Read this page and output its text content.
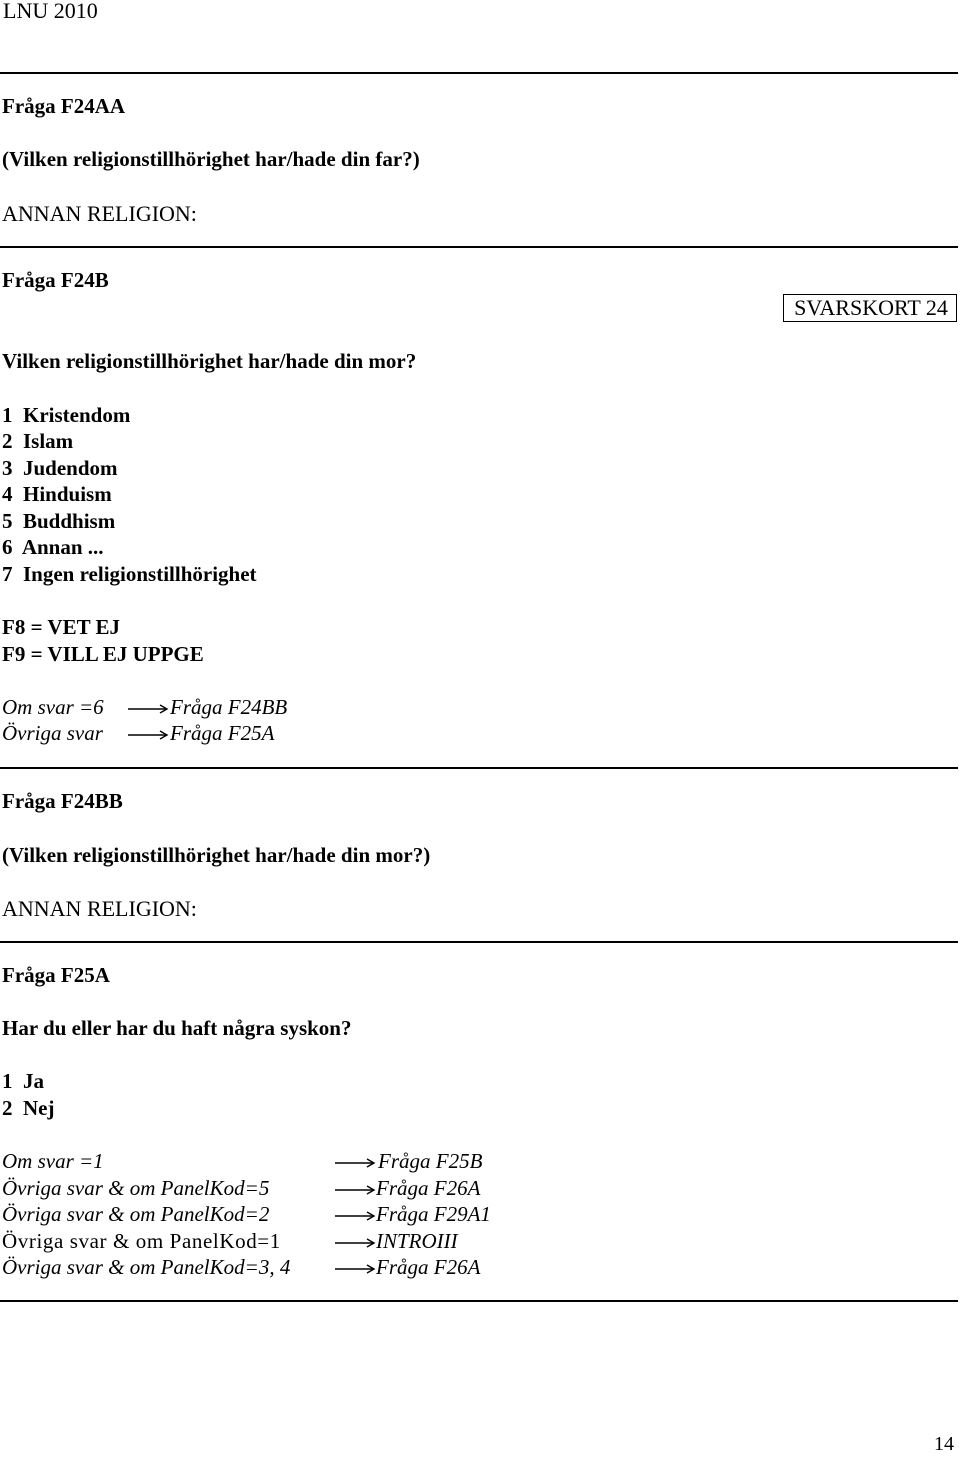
LNU 2010
Fråga F24AA
(Vilken religionstillhörighet har/hade din far?)
ANNAN RELIGION:
Fråga F24B
SVARSKORT 24
Vilken religionstillhörighet har/hade din mor?
1  Kristendom
2  Islam
3  Judendom
4  Hinduism
5  Buddhism
6  Annan ...
7  Ingen religionstillhörighet
F8 = VET EJ
F9 = VILL EJ UPPGE
Om svar =6	Fråga F24BB
Övriga svar	Fråga F25A
Fråga F24BB
(Vilken religionstillhörighet har/hade din mor?)
ANNAN RELIGION:
Fråga F25A
Har du eller har du haft några syskon?
1  Ja
2  Nej
Om svar =1	Fråga F25B
Övriga svar & om PanelKod=5	Fråga F26A
Övriga svar & om PanelKod=2	Fråga F29A1
Övriga svar & om PanelKod=1	INTROIII
Övriga svar & om PanelKod=3, 4	Fråga F26A
14
